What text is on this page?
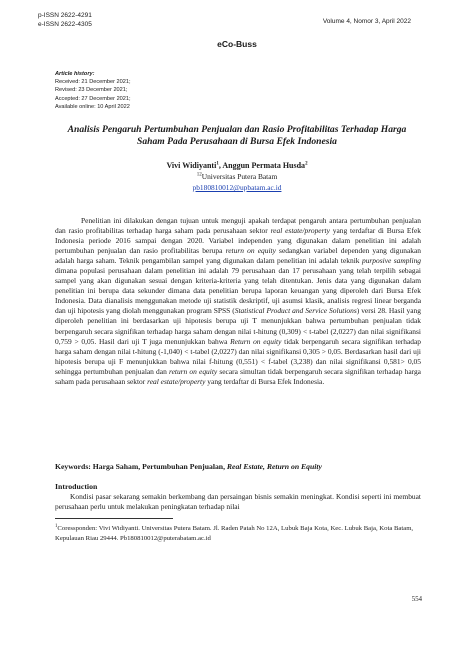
p-ISSN 2622-4291
e-ISSN 2622-4305	Volume 4, Nomor 3, April 2022
eCo-Buss
Article history:
Received: 21 December 2021;
Revised: 23 December 2021;
Accepted: 27 December 2021;
Available online: 10 April 2022
Analisis Pengaruh Pertumbuhan Penjualan dan Rasio Profitabilitas Terhadap Harga Saham Pada Perusahaan di Bursa Efek Indonesia
Vivi Widiyanti$^1$, Anggun Permata Husda$^2$
$^{12}$Universitas Putera Batam
pb180810012@upbatam.ac.id

Penelitian ini dilakukan dengan tujuan untuk menguji apakah terdapat pengaruh antara pertumbuhan penjualan dan rasio profitabilitas terhadap harga saham pada perusahaan sektor real estate/property yang terdaftar di Bursa Efek Indonesia periode 2016 sampai dengan 2020. Variabel independen yang digunakan dalam penelitian ini adalah pertumbuhan penjualan dan rasio profitabilitas berupa return on equity sedangkan variabel dependen yang digunakan adalah harga saham. Teknik pengambilan sampel yang digunakan dalam penelitian ini adalah teknik purposive sampling dimana populasi perusahaan dalam penelitian ini adalah 79 perusahaan dan 17 perusahaan yang telah terpilih sebagai sampel yang akan digunakan sesuai dengan kriteria-kriteria yang telah ditentukan. Jenis data yang digunakan dalam penelitian ini berupa data sekunder dimana data penelitian berupa laporan keuangan yang diperoleh dari Bursa Efek Indonesia. Data dianalisis menggunakan metode uji statistik deskriptif, uji asumsi klasik, analisis regresi linear berganda dan uji hipotesis yang diolah menggunakan program SPSS (Statistical Product and Service Solutions) versi 28. Hasil yang diperoleh penelitian ini berdasarkan uji hipotesis berupa uji T menunjukkan bahwa pertumbuhan penjualan tidak berpengaruh secara signifikan terhadap harga saham dengan nilai t-hitung (0,309) < t-tabel (2,0227) dan nilai signifikansi 0,759 > 0,05. Hasil dari uji T juga menunjukkan bahwa Return on equity tidak berpengaruh secara signifikan terhadap harga saham dengan nilai t-hitung (-1,040) < t-tabel (2,0227) dan nilai signifikansi 0,305 > 0,05. Berdasarkan hasil dari uji hipotesis berupa uji F menunjukkan bahwa nilai f-hitung (0,551) < f-tabel (3,238) dan nilai signifikansi 0,581> 0,05 sehingga pertumbuhan penjualan dan return on equity secara simultan tidak berpengaruh secara signifikan terhadap harga saham pada perusahaan sektor real estate/property yang terdaftar di Bursa Efek Indonesia.

Keywords: Harga Saham, Pertumbuhan Penjualan, Real Estate, Return on Equity
Introduction

Kondisi pasar sekarang semakin berkembang dan persaingan bisnis semakin meningkat. Kondisi seperti ini membuat perusahaan perlu untuk melakukan peningkatan terhadap nilai

$^1$Coressponden: Vivi Widiyanti. Universitas Putera Batam. Jl. Raden Patah No 12A, Lubuk Baja Kota, Kec. Lubuk Baja, Kota Batam, Kepulauan Riau 29444. Pb180810012@puterabatam.ac.id
554
